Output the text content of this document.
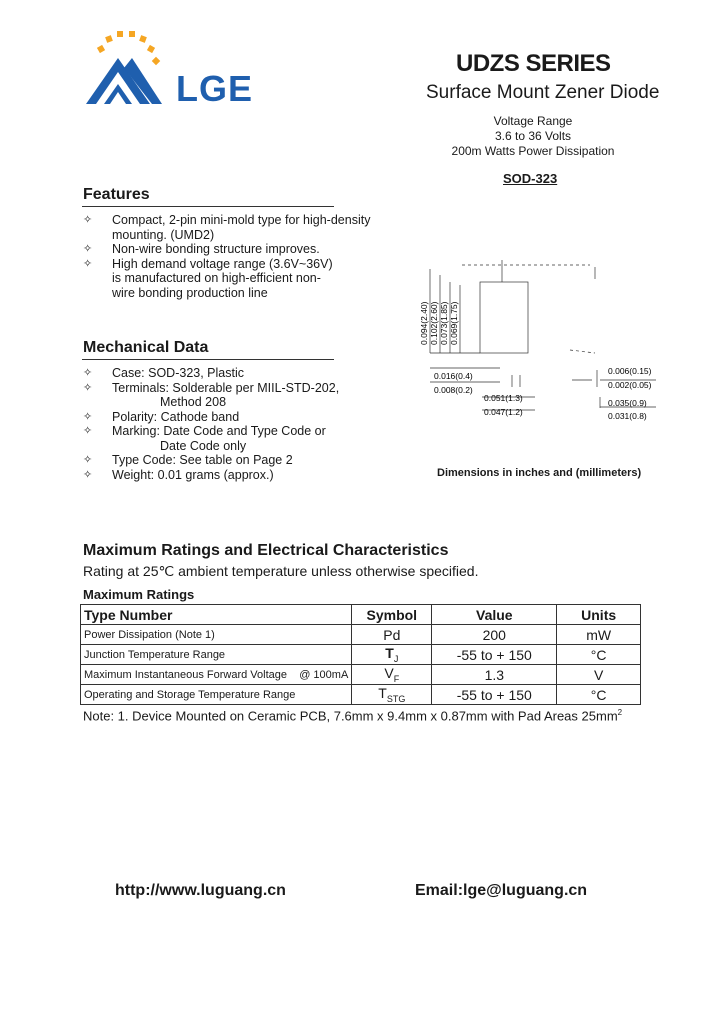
LGE
UDZS SERIES
Surface Mount Zener Diode
Voltage Range
3.6 to 36 Volts
200m Watts Power Dissipation
SOD-323
Features
✧ Compact, 2-pin mini-mold type for high-density mounting. (UMD2)
✧ Non-wire bonding structure improves.
✧ High demand voltage range (3.6V~36V) is manufactured on high-efficient non-wire bonding production line
Mechanical Data
✧ Case: SOD-323, Plastic
✧ Terminals: Solderable per MIIL-STD-202,
Method 208
✧ Polarity: Cathode band
✧ Marking: Date Code and Type Code or
Date Code only
✧ Type Code: See table on Page 2
✧ Weight: 0.01 grams (approx.)
0.094(2.40) 0.102(2.60) 0.073(1.85) 0.069(1.75)
0.016(0.4)
0.008(0.2)
0.051(1.3)
0.047(1.2)
0.006(0.15)
0.002(0.05)
0.035(0.9)
0.031(0.8)
Dimensions in inches and (millimeters)
Maximum Ratings and Electrical Characteristics
Rating at 25℃ ambient temperature unless otherwise specified.
Maximum Ratings
Type Number	Symbol	Value	Units
Power Dissipation (Note 1)	Pd	200	mW
Junction Temperature Range	$T_J$	-55 to + 150	°C
Maximum Instantaneous Forward Voltage    @ 100mA	$V_F$	1.3	V
Operating and Storage Temperature Range	$T_{STG}$	-55 to + 150	°C
Note: 1. Device Mounted on Ceramic PCB, 7.6mm x 9.4mm x 0.87mm with Pad Areas $25mm^2$
http://www.luguang.cn	Email:lge@luguang.cn
